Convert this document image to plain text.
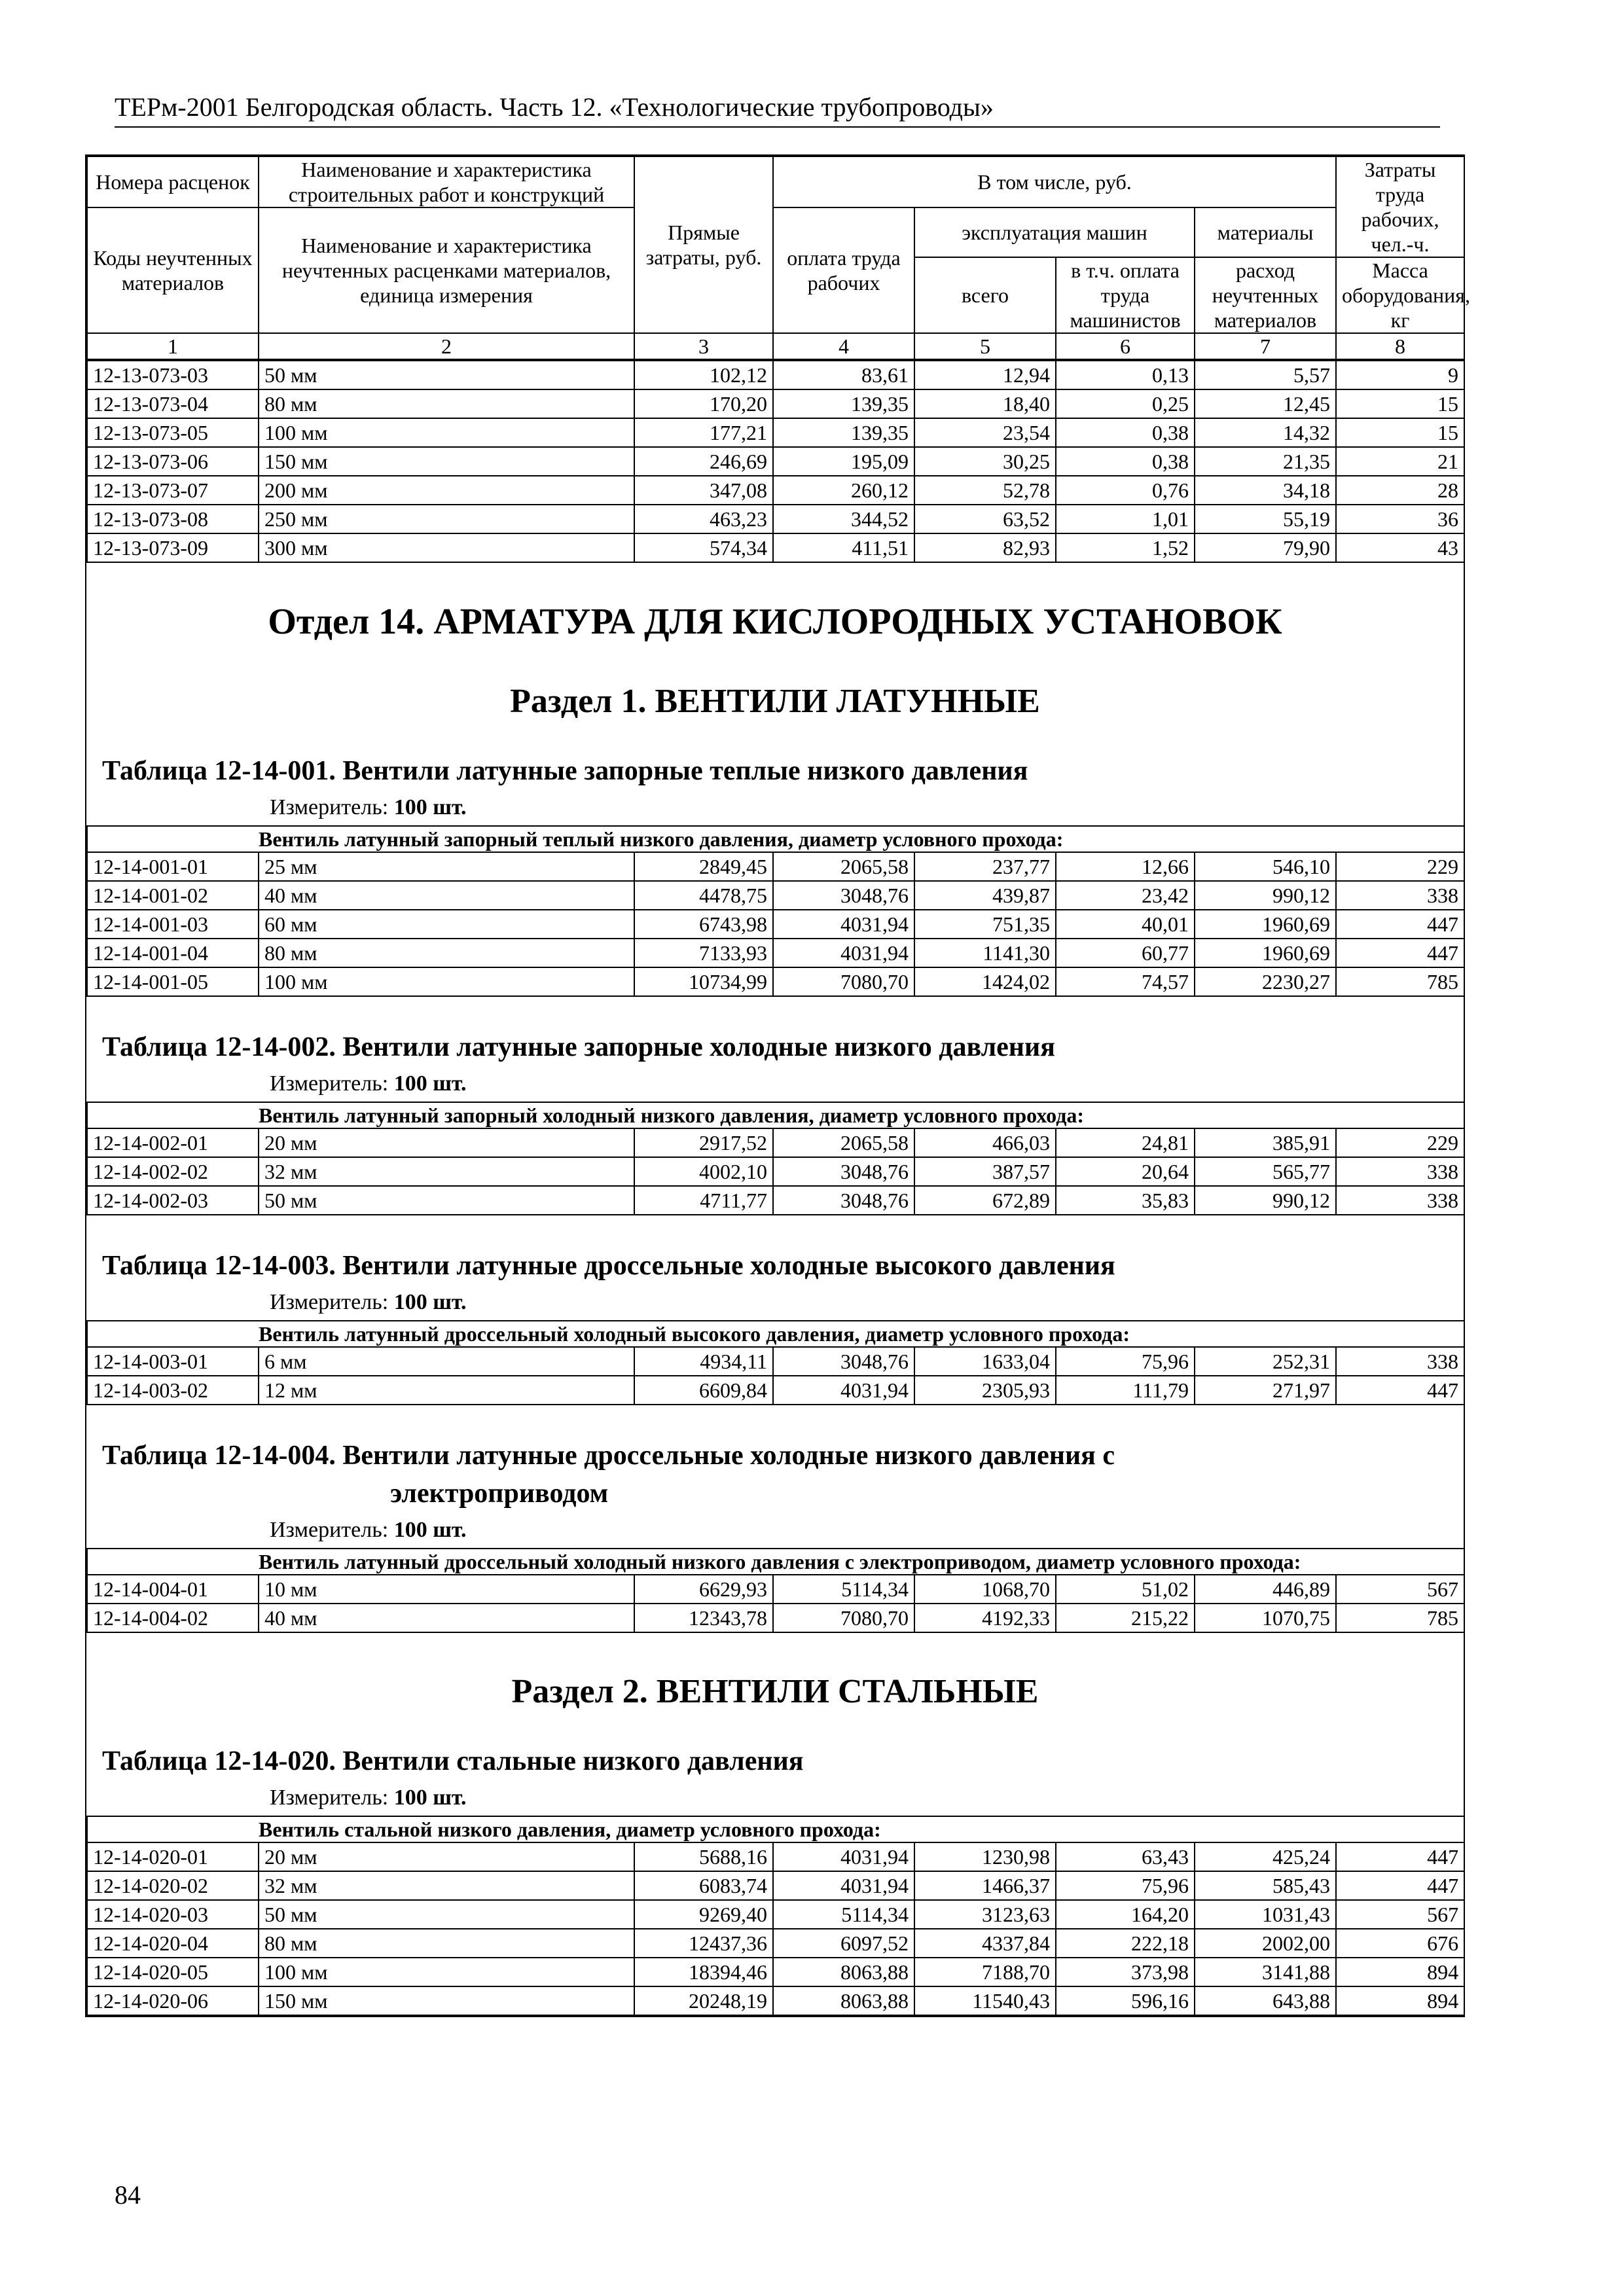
ТЕРм-2001 Белгородская область. Часть 12. «Технологические трубопроводы»
Номера расценок	Наименование и характеристика строительных работ и конструкций	Прямые затраты, руб.	В том числе, руб.				Затраты труда рабочих, чел.-ч.
Коды неучтенных материалов	Наименование и характеристика неучтенных расценками материалов, единица измерения		оплата труда рабочих	эксплуатация машин		материалы	
				всего	в т.ч. оплата труда машинистов	расход неучтенных материалов	Масса оборудования, кг
1	2	3	4	5	6	7	8
12-13-073-03	50 мм	102,12	83,61	12,94	0,13	5,57	9
12-13-073-04	80 мм	170,20	139,35	18,40	0,25	12,45	15
12-13-073-05	100 мм	177,21	139,35	23,54	0,38	14,32	15
12-13-073-06	150 мм	246,69	195,09	30,25	0,38	21,35	21
12-13-073-07	200 мм	347,08	260,12	52,78	0,76	34,18	28
12-13-073-08	250 мм	463,23	344,52	63,52	1,01	55,19	36
12-13-073-09	300 мм	574,34	411,51	82,93	1,52	79,90	43
Отдел 14. АРМАТУРА ДЛЯ КИСЛОРОДНЫХ УСТАНОВОК
Раздел 1. ВЕНТИЛИ ЛАТУННЫЕ
Таблица 12-14-001. Вентили латунные запорные теплые низкого давления
Измеритель: 100 шт.
	Вентиль латунный запорный теплый низкого давления, диаметр условного прохода:						
12-14-001-01	25 мм	2849,45	2065,58	237,77	12,66	546,10	229
12-14-001-02	40 мм	4478,75	3048,76	439,87	23,42	990,12	338
12-14-001-03	60 мм	6743,98	4031,94	751,35	40,01	1960,69	447
12-14-001-04	80 мм	7133,93	4031,94	1141,30	60,77	1960,69	447
12-14-001-05	100 мм	10734,99	7080,70	1424,02	74,57	2230,27	785
Таблица 12-14-002. Вентили латунные запорные холодные низкого давления
Измеритель: 100 шт.
	Вентиль латунный запорный холодный низкого давления, диаметр условного прохода:						
12-14-002-01	20 мм	2917,52	2065,58	466,03	24,81	385,91	229
12-14-002-02	32 мм	4002,10	3048,76	387,57	20,64	565,77	338
12-14-002-03	50 мм	4711,77	3048,76	672,89	35,83	990,12	338
Таблица 12-14-003. Вентили латунные дроссельные холодные высокого давления
Измеритель: 100 шт.
	Вентиль латунный дроссельный холодный высокого давления, диаметр условного прохода:						
12-14-003-01	6 мм	4934,11	3048,76	1633,04	75,96	252,31	338
12-14-003-02	12 мм	6609,84	4031,94	2305,93	111,79	271,97	447
Таблица 12-14-004. Вентили латунные дроссельные холодные низкого давления с
электроприводом
Измеритель: 100 шт.
	Вентиль латунный дроссельный холодный низкого давления с электроприводом, диаметр условного прохода:						
12-14-004-01	10 мм	6629,93	5114,34	1068,70	51,02	446,89	567
12-14-004-02	40 мм	12343,78	7080,70	4192,33	215,22	1070,75	785
Раздел 2. ВЕНТИЛИ СТАЛЬНЫЕ
Таблица 12-14-020. Вентили стальные низкого давления
Измеритель: 100 шт.
	Вентиль стальной низкого давления, диаметр условного прохода:						
12-14-020-01	20 мм	5688,16	4031,94	1230,98	63,43	425,24	447
12-14-020-02	32 мм	6083,74	4031,94	1466,37	75,96	585,43	447
12-14-020-03	50 мм	9269,40	5114,34	3123,63	164,20	1031,43	567
12-14-020-04	80 мм	12437,36	6097,52	4337,84	222,18	2002,00	676
12-14-020-05	100 мм	18394,46	8063,88	7188,70	373,98	3141,88	894
12-14-020-06	150 мм	20248,19	8063,88	11540,43	596,16	643,88	894
84
